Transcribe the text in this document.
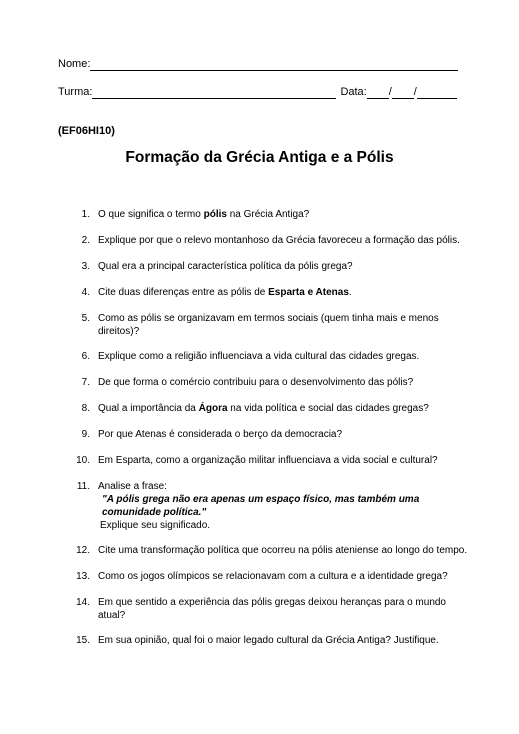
Nome:
Turma:	Data: / /
(EF06HI10)
Formação da Grécia Antiga e a Pólis
1. O que significa o termo pólis na Grécia Antiga?
2. Explique por que o relevo montanhoso da Grécia favoreceu a formação das pólis.
3. Qual era a principal característica política da pólis grega?
4. Cite duas diferenças entre as pólis de Esparta e Atenas.
5. Como as pólis se organizavam em termos sociais (quem tinha mais e menos direitos)?
6. Explique como a religião influenciava a vida cultural das cidades gregas.
7. De que forma o comércio contribuiu para o desenvolvimento das pólis?
8. Qual a importância da Ágora na vida política e social das cidades gregas?
9. Por que Atenas é considerada o berço da democracia?
10. Em Esparta, como a organização militar influenciava a vida social e cultural?
11. Analise a frase:
"A pólis grega não era apenas um espaço físico, mas também uma comunidade política."
Explique seu significado.
12. Cite uma transformação política que ocorreu na pólis ateniense ao longo do tempo.
13. Como os jogos olímpicos se relacionavam com a cultura e a identidade grega?
14. Em que sentido a experiência das pólis gregas deixou heranças para o mundo atual?
15. Em sua opinião, qual foi o maior legado cultural da Grécia Antiga? Justifique.
